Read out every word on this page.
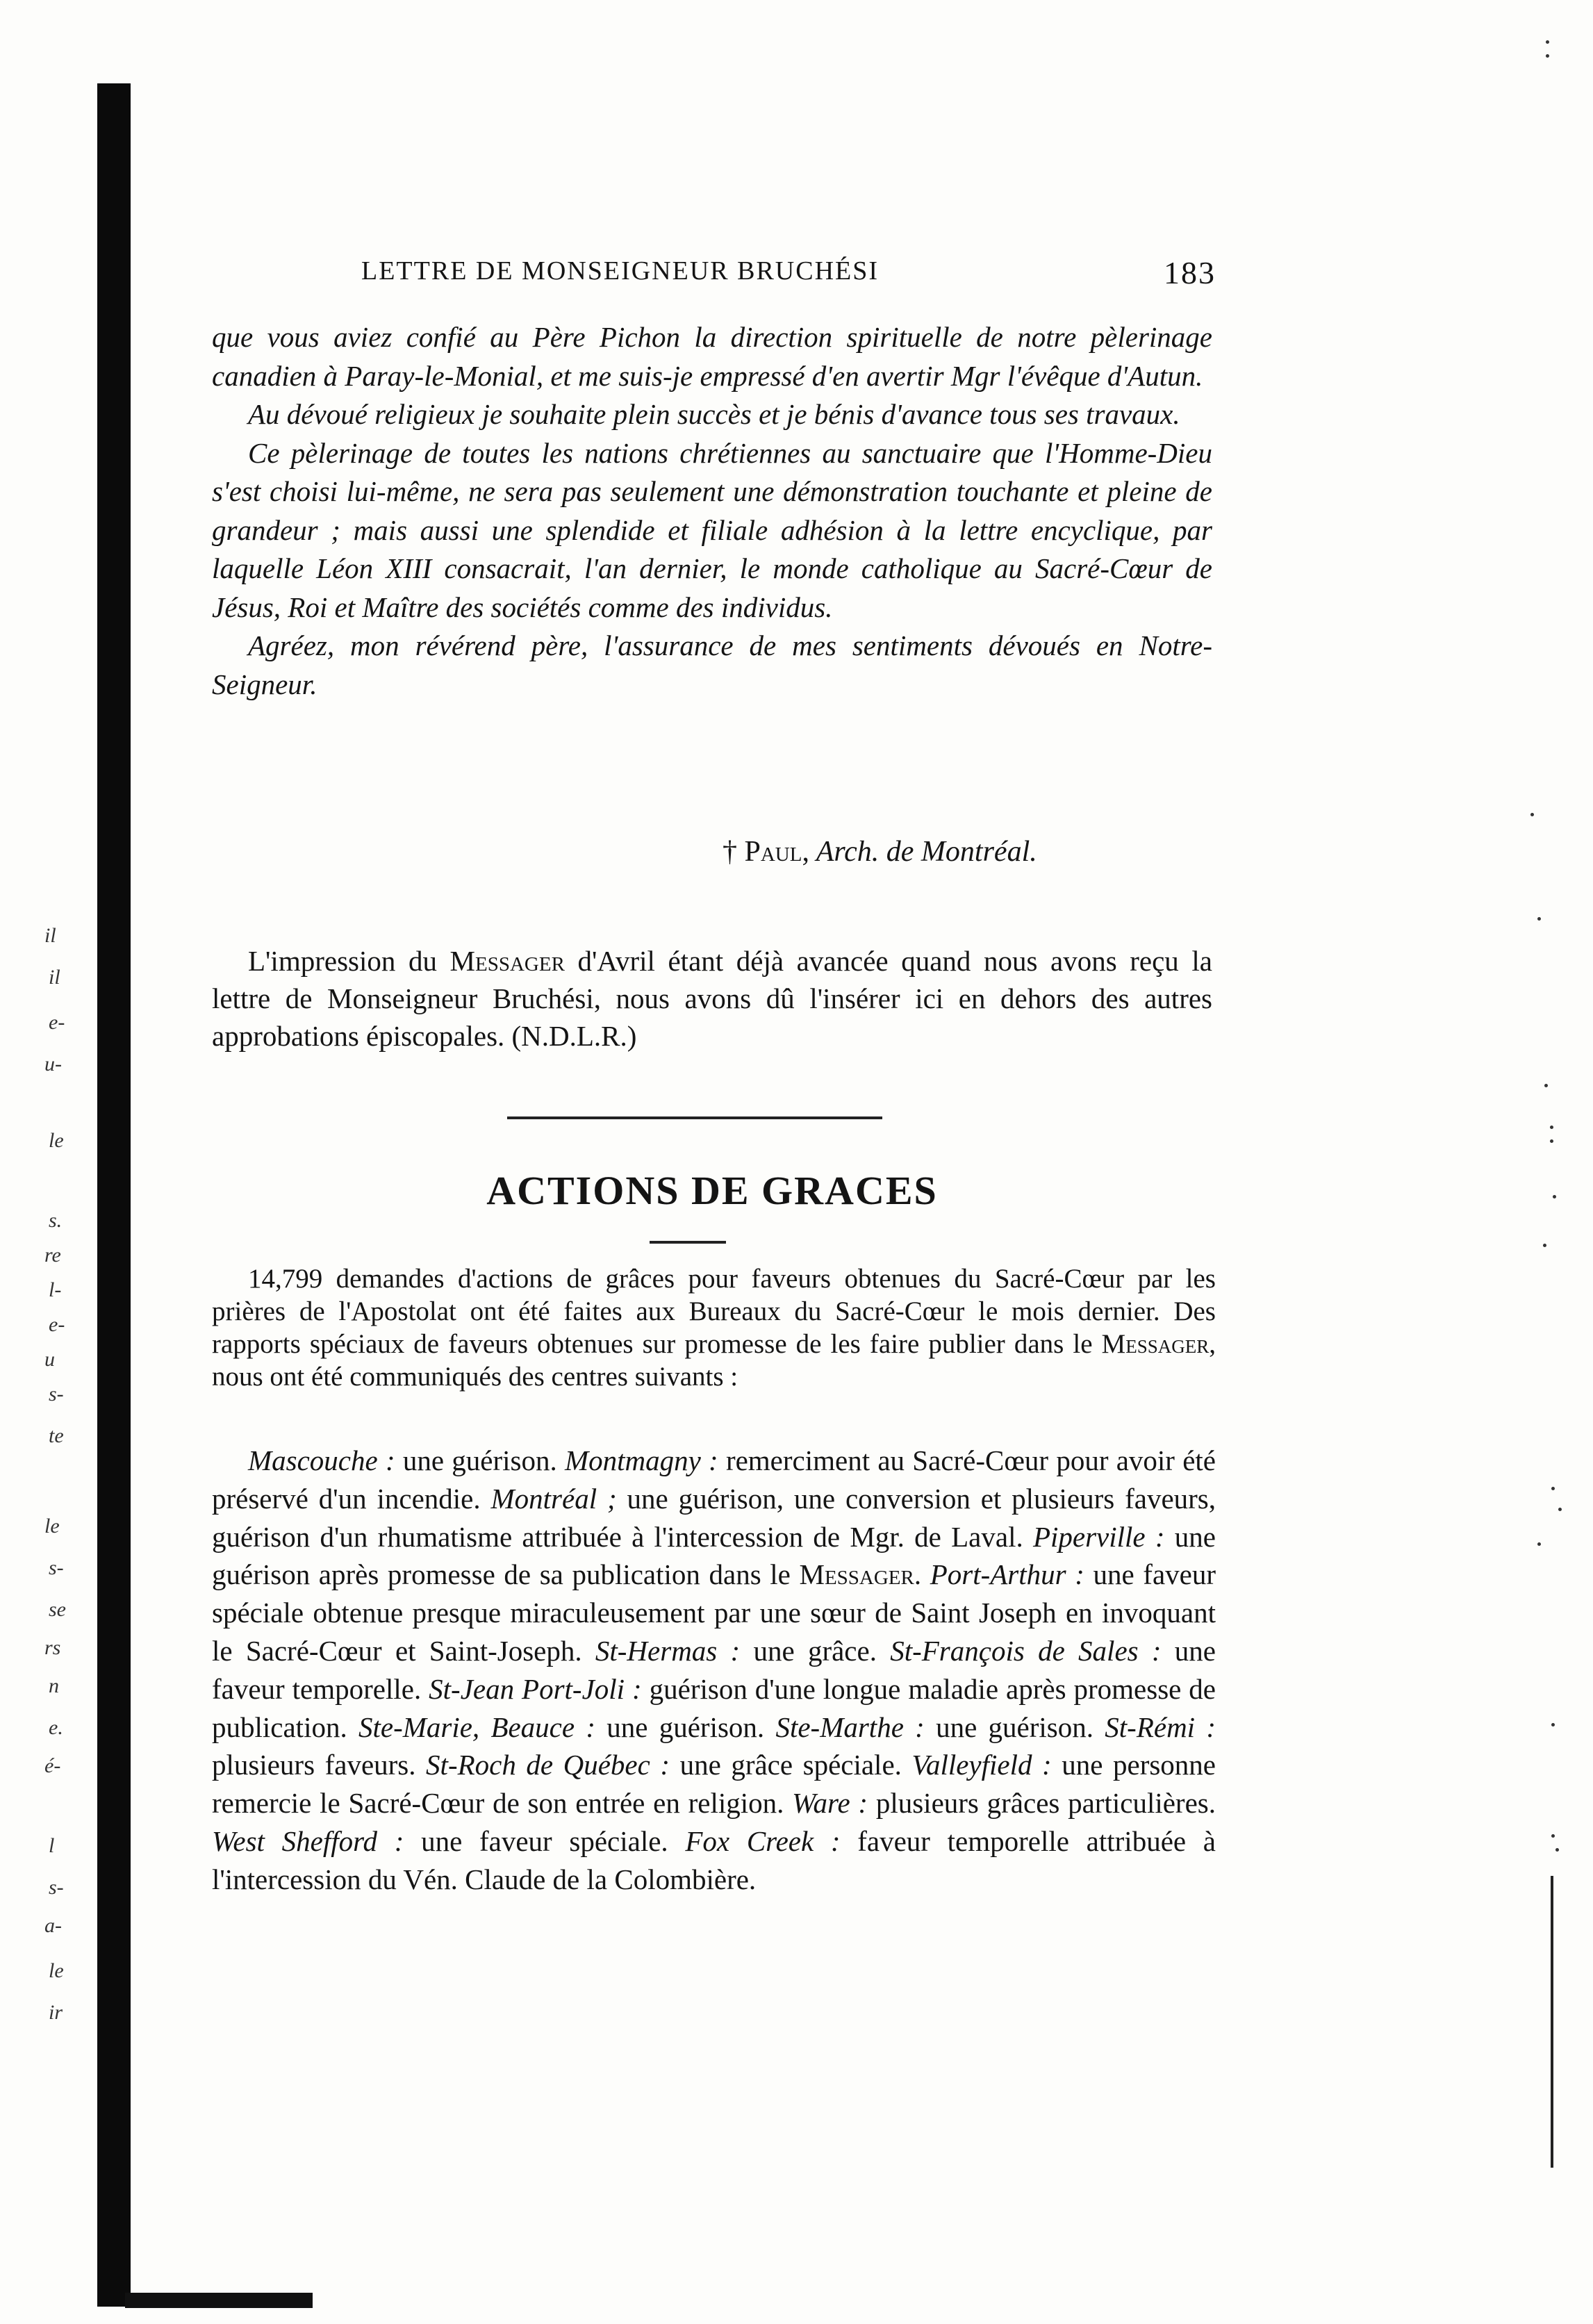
il
il
e-
u-
le
s.
re
l-
e-
u
s-
te
le
s-
se
rs
n
e.
é-
l
s-
a-
le
ir
LETTRE DE MONSEIGNEUR BRUCHÉSI	183

que vous aviez confié au Père Pichon la direction spirituelle de notre pèlerinage canadien à Paray-le-Monial, et me suis-je empressé d'en avertir Mgr l'évêque d'Autun.

Au dévoué religieux je souhaite plein succès et je bénis d'avance tous ses travaux.

Ce pèlerinage de toutes les nations chrétiennes au sanctuaire que l'Homme-Dieu s'est choisi lui-même, ne sera pas seulement une démonstration touchante et pleine de grandeur ; mais aussi une splendide et filiale adhésion à la lettre encyclique, par laquelle Léon XIII consacrait, l'an dernier, le monde catholique au Sacré-Cœur de Jésus, Roi et Maître des sociétés comme des individus.

Agréez, mon révérend père, l'assurance de mes sentiments dévoués en Notre-Seigneur.

† Paul, Arch. de Montréal.

L'impression du Messager d'Avril étant déjà avancée quand nous avons reçu la lettre de Monseigneur Bruchési, nous avons dû l'insérer ici en dehors des autres approbations épiscopales. (N.D.L.R.)

ACTIONS DE GRACES

14,799 demandes d'actions de grâces pour faveurs obtenues du Sacré-Cœur par les prières de l'Apostolat ont été faites aux Bureaux du Sacré-Cœur le mois dernier. Des rapports spéciaux de faveurs obtenues sur promesse de les faire publier dans le Messager, nous ont été communiqués des centres suivants :

Mascouche : une guérison. Montmagny : remerciment au Sacré-Cœur pour avoir été préservé d'un incendie. Montréal ; une guérison, une conversion et plusieurs faveurs, guérison d'un rhumatisme attribuée à l'intercession de Mgr. de Laval. Piperville : une guérison après promesse de sa publication dans le Messager. Port-Arthur : une faveur spéciale obtenue presque miraculeusement par une sœur de Saint Joseph en invoquant le Sacré-Cœur et Saint-Joseph. St-Hermas : une grâce. St-François de Sales : une faveur temporelle. St-Jean Port-Joli : guérison d'une longue maladie après promesse de publication. Ste-Marie, Beauce : une guérison. Ste-Marthe : une guérison. St-Rémi : plusieurs faveurs. St-Roch de Québec : une grâce spéciale. Valleyfield : une personne remercie le Sacré-Cœur de son entrée en religion. Ware : plusieurs grâces particulières. West Shefford : une faveur spéciale. Fox Creek : faveur temporelle attribuée à l'intercession du Vén. Claude de la Colombière.
